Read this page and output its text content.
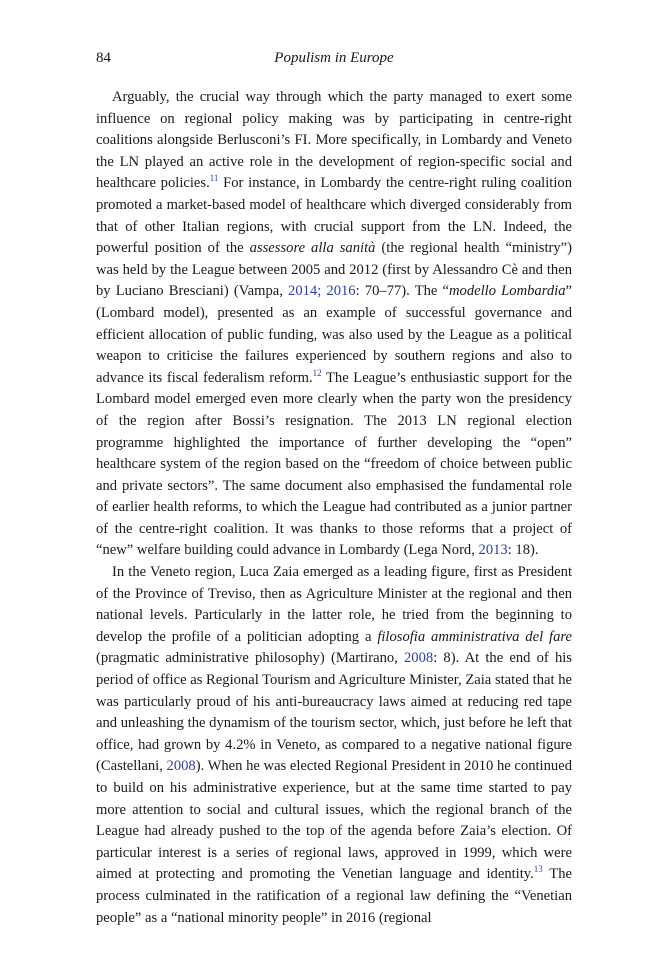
84	Populism in Europe

Arguably, the crucial way through which the party managed to exert some influence on regional policy making was by participating in centre-right coalitions alongside Berlusconi’s FI. More specifically, in Lombardy and Veneto the LN played an active role in the development of region-specific social and healthcare policies.$^{11}$ For instance, in Lombardy the centre-right ruling coalition promoted a market-based model of healthcare which diverged considerably from that of other Italian regions, with crucial support from the LN. Indeed, the powerful position of the assessore alla sanità (the regional health “ministry”) was held by the League between 2005 and 2012 (first by Alessandro Cè and then by Luciano Bresciani) (Vampa, 2014; 2016: 70–77). The “modello Lombardia” (Lombard model), presented as an example of successful governance and efficient allocation of public funding, was also used by the League as a political weapon to criticise the failures experienced by southern regions and also to advance its fiscal federalism reform.$^{12}$ The League’s enthusiastic support for the Lombard model emerged even more clearly when the party won the presidency of the region after Bossi’s resignation. The 2013 LN regional election programme highlighted the importance of further developing the “open” healthcare system of the region based on the “freedom of choice between public and private sectors”. The same document also emphasised the fundamental role of earlier health reforms, to which the League had contributed as a junior partner of the centre-right coalition. It was thanks to those reforms that a project of “new” welfare building could advance in Lombardy (Lega Nord, 2013: 18).

In the Veneto region, Luca Zaia emerged as a leading figure, first as President of the Province of Treviso, then as Agriculture Minister at the regional and then national levels. Particularly in the latter role, he tried from the beginning to develop the profile of a politician adopting a filosofia amministrativa del fare (pragmatic administrative philosophy) (Martirano, 2008: 8). At the end of his period of office as Regional Tourism and Agriculture Minister, Zaia stated that he was particularly proud of his anti-bureaucracy laws aimed at reducing red tape and unleashing the dynamism of the tourism sector, which, just before he left that office, had grown by 4.2% in Veneto, as compared to a negative national figure (Castellani, 2008). When he was elected Regional President in 2010 he continued to build on his administrative experience, but at the same time started to pay more attention to social and cultural issues, which the regional branch of the League had already pushed to the top of the agenda before Zaia’s election. Of particular interest is a series of regional laws, approved in 1999, which were aimed at protecting and promoting the Venetian language and identity.$^{13}$ The process culminated in the ratification of a regional law defining the “Venetian people” as a “national minority people” in 2016 (regional
